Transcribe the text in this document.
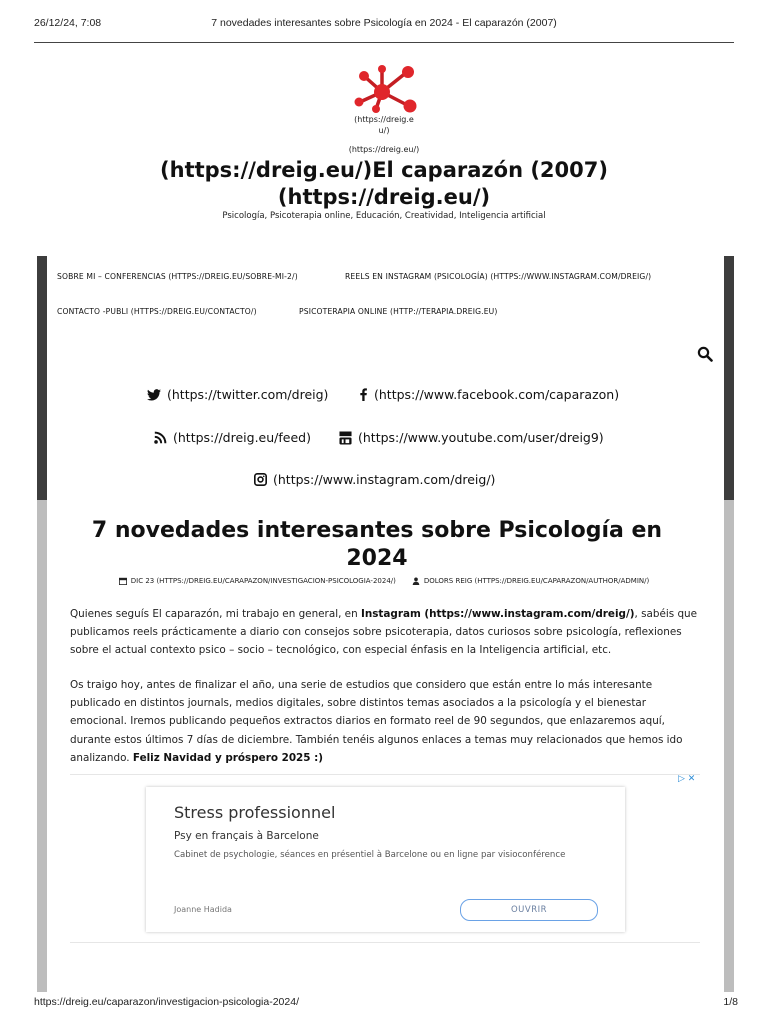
7 novedades interesantes sobre Psicología en 2024 - El caparazón (2007)
26/12/24, 7:08
(https://dreig.e
u/)
(https://dreig.eu/)
(https://dreig.eu/)El caparazón (2007)
(https://dreig.eu/)
Psicología, Psicoterapia online, Educación, Creatividad, Inteligencia artificial
SOBRE MI – CONFERENCIAS (HTTPS://DREIG.EU/SOBRE-MI-2/)	REELS EN INSTAGRAM (PSICOLOGÍA) (HTTPS://WWW.INSTAGRAM.COM/DREIG/)
CONTACTO -PUBLI (HTTPS://DREIG.EU/CONTACTO/)	PSICOTERAPIA ONLINE (HTTP://TERAPIA.DREIG.EU)
(https://twitter.com/dreig)	(https://www.facebook.com/caparazon)
(https://dreig.eu/feed)	(https://www.youtube.com/user/dreig9)
(https://www.instagram.com/dreig/)
7 novedades interesantes sobre Psicología en
2024
DIC 23 (HTTPS://DREIG.EU/CARAPAZON/INVESTIGACION-PSICOLOGIA-2024/)	DOLORS REIG (HTTPS://DREIG.EU/CAPARAZON/AUTHOR/ADMIN/)

Quienes seguís El caparazón, mi trabajo en general, en Instagram (https://www.instagram.com/dreig/), sabéis que publicamos reels prácticamente a diario con consejos sobre psicoterapia, datos curiosos sobre psicología, reflexiones sobre el actual contexto psico – socio – tecnológico, con especial énfasis en la Inteligencia artificial, etc.

Os traigo hoy, antes de finalizar el año, una serie de estudios que considero que están entre lo más interesante publicado en distintos journals, medios digitales, sobre distintos temas asociados a la psicología y el bienestar emocional. Iremos publicando pequeños extractos diarios en formato reel de 90 segundos, que enlazaremos aquí, durante estos últimos 7 días de diciembre. También tenéis algunos enlaces a temas muy relacionados que hemos ido analizando. Feliz Navidad y próspero 2025 :)

▷ ✕
Stress professionnel
Psy en français à Barcelone
Cabinet de psychologie, séances en présentiel à Barcelone ou en ligne par visioconférence
Joanne Hadida	OUVRIR
https://dreig.eu/caparazon/investigacion-psicologia-2024/	1/8
